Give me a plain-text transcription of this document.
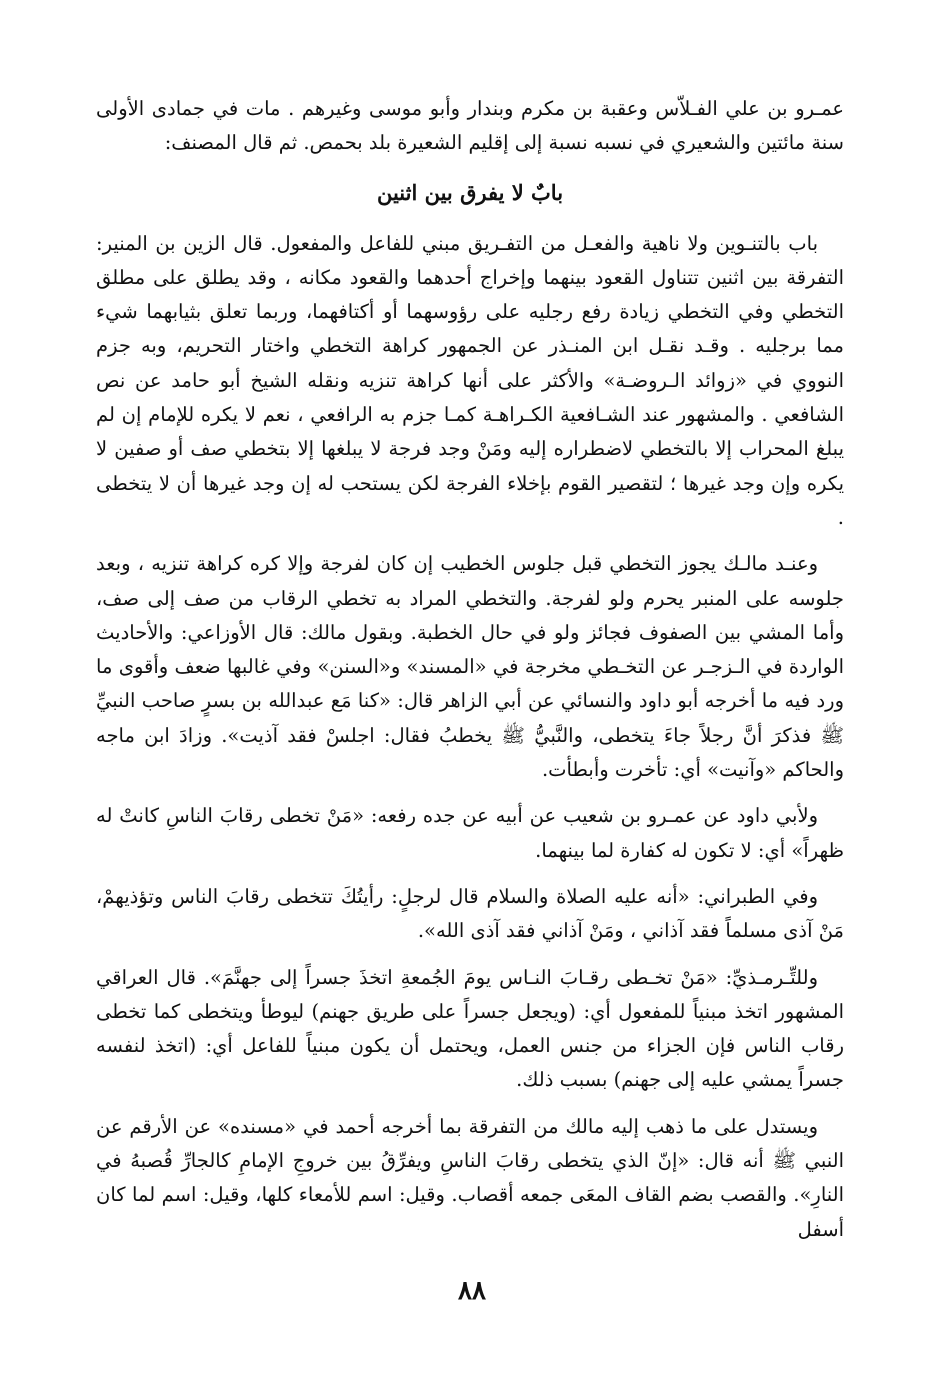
عمـرو بن علي الفـلاّس وعقبة بن مكرم وبندار وأبو موسى وغيرهم . مات في جمادى الأولى سنة مائتين والشعيري في نسبه نسبة إلى إقليم الشعيرة بلد بحمص. ثم قال المصنف:

بابٌ لا يفرق بين اثنين

باب بالتنـوين ولا ناهية والفعـل من التفـريق مبني للفاعل والمفعول. قال الزين بن المنير: التفرقة بين اثنين تتناول القعود بينهما وإخراج أحدهما والقعود مكانه ، وقد يطلق على مطلق التخطي وفي التخطي زيادة رفع رجليه على رؤوسهما أو أكتافهما، وربما تعلق بثيابهما شيء مما برجليه . وقـد نقـل ابن المنـذر عن الجمهور كراهة التخطي واختار التحريم، وبه جزم النووي في «زوائد الـروضـة» والأكثر على أنها كراهة تنزيه ونقله الشيخ أبو حامد عن نص الشافعي . والمشهور عند الشـافعية الكـراهـة كمـا جزم به الرافعي ، نعم لا يكره للإمام إن لم يبلغ المحراب إلا بالتخطي لاضطراره إليه ومَنْ وجد فرجة لا يبلغها إلا بتخطي صف أو صفين لا يكره وإن وجد غيرها ؛ لتقصير القوم بإخلاء الفرجة لكن يستحب له إن وجد غيرها أن لا يتخطى .

وعنـد مالـك يجوز التخطي قبل جلوس الخطيب إن كان لفرجة وإلا كره كراهة تنزيه ، وبعد جلوسه على المنبر يحرم ولو لفرجة. والتخطي المراد به تخطي الرقاب من صف إلى صف، وأما المشي بين الصفوف فجائز ولو في حال الخطبة. وبقول مالك: قال الأوزاعي: والأحاديث الواردة في الـزجـر عن التخـطي مخرجة في «المسند» و«السنن» وفي غالبها ضعف وأقوى ما ورد فيه ما أخرجه أبو داود والنسائي عن أبي الزاهر قال: «كنا مَع عبدالله بن بسرٍ صاحب النبيِّ ﷺ فذكرَ أنَّ رجلاً جاءَ يتخطى، والنَّبيُّ ﷺ يخطبُ فقال: اجلسْ فقد آذيت». وزادَ ابن ماجه والحاكم «وآنيت» أي: تأخرت وأبطأت.

ولأبي داود عن عمـرو بن شعيب عن أبيه عن جده رفعه: «مَنْ تخطى رقابَ الناسِ كانتْ له ظهراً» أي: لا تكون له كفارة لما بينهما.

وفي الطبراني: «أنه عليه الصلاة والسلام قال لرجلٍ: رأيتُكَ تتخطى رقابَ الناس وتؤذيهمْ، مَنْ آذى مسلماً فقد آذاني ، ومَنْ آذاني فقد آذى الله».

وللتِّـرمـذيِّ: «مَنْ تخـطى رقـابَ النـاس يومَ الجُمعةِ اتخذَ جسراً إلى جهنَّمَ». قال العراقي المشهور اتخذ مبنياً للمفعول أي: (ويجعل جسراً على طريق جهنم) ليوطأ ويتخطى كما تخطى رقاب الناس فإن الجزاء من جنس العمل، ويحتمل أن يكون مبنياً للفاعل أي: (اتخذ لنفسه جسراً يمشي عليه إلى جهنم) بسبب ذلك.

ويستدل على ما ذهب إليه مالك من التفرقة بما أخرجه أحمد في «مسنده» عن الأرقم عن النبي ﷺ أنه قال: «إنّ الذي يتخطى رقابَ الناسِ ويفرِّقُ بين خروجِ الإمامِ كالجارِّ قُصبهُ في النارِ». والقصب بضم القاف المعَى جمعه أقصاب. وقيل: اسم للأمعاء كلها، وقيل: اسم لما كان أسفل

٨٨
